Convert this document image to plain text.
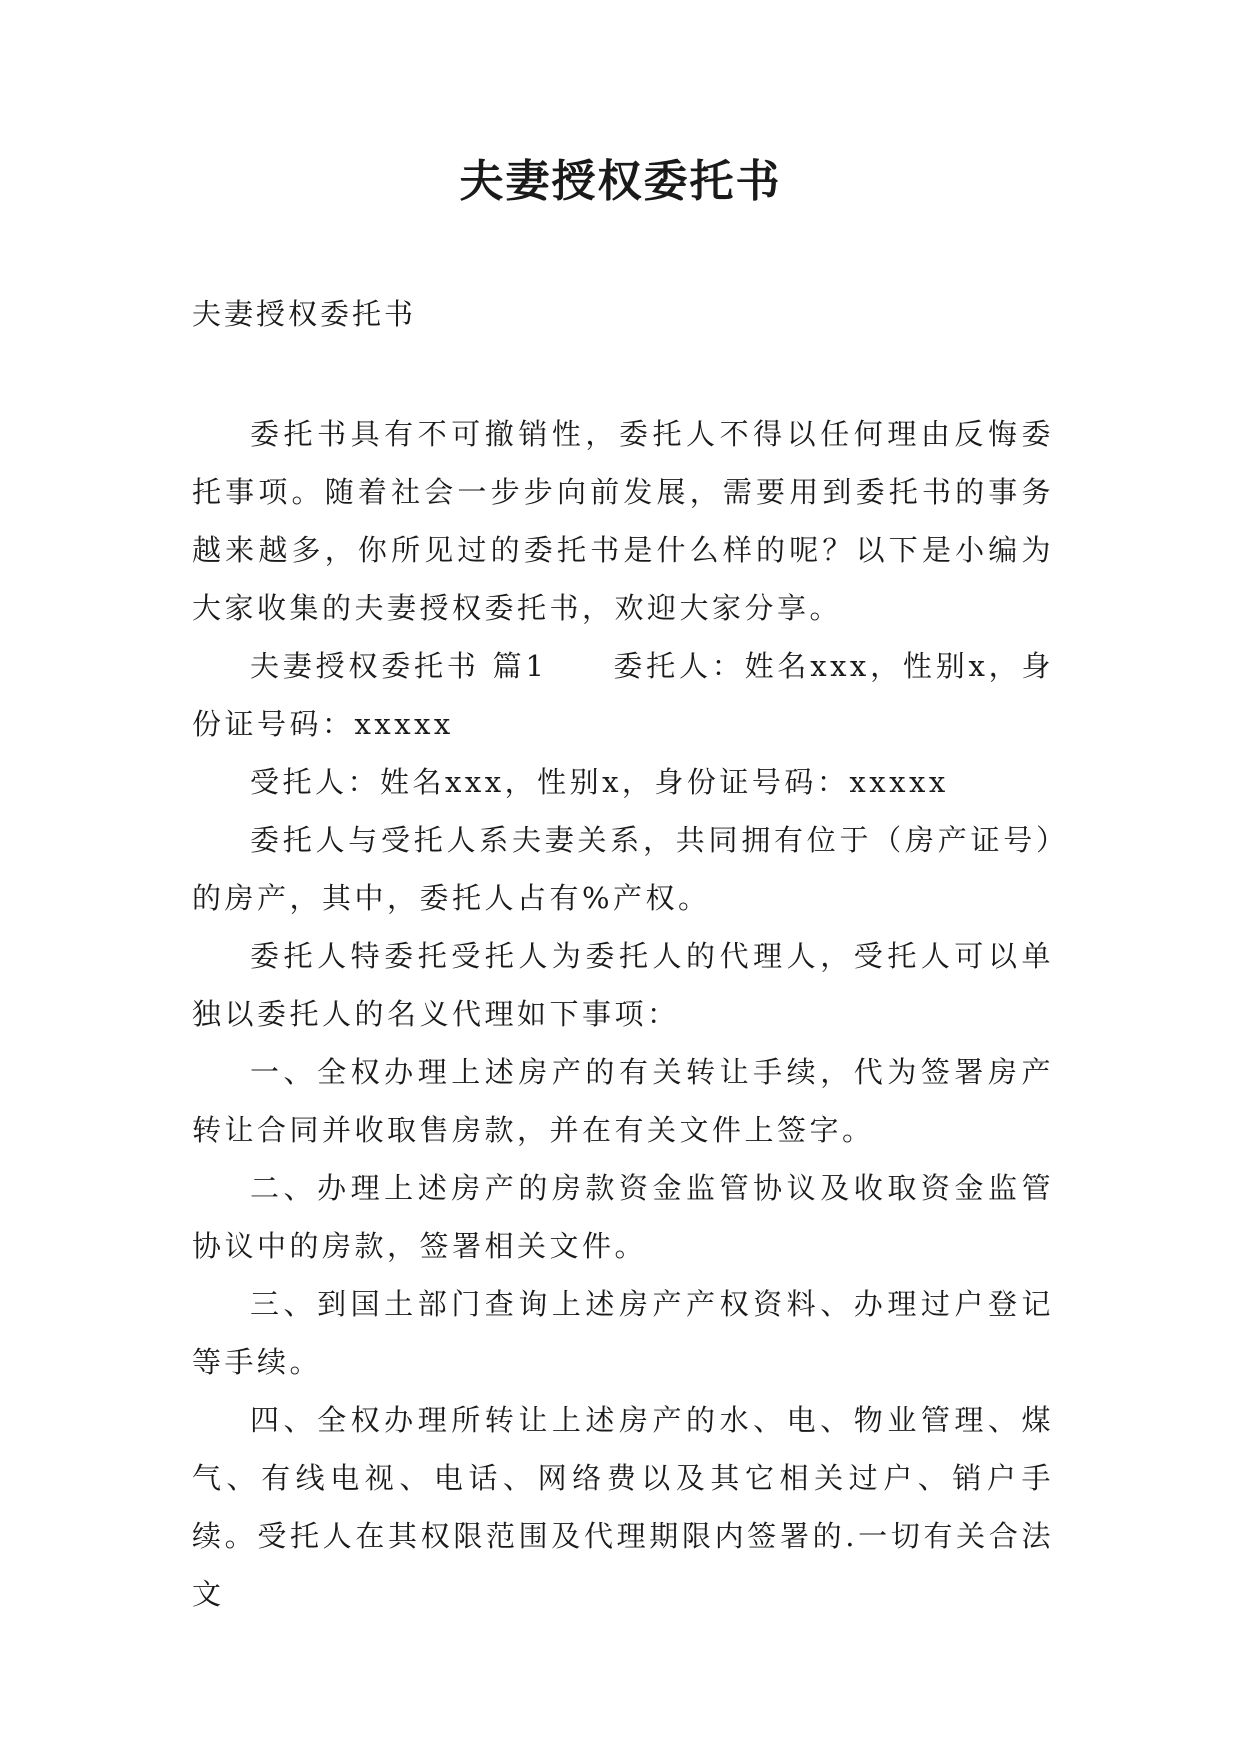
夫妻授权委托书
夫妻授权委托书

委托书具有不可撤销性，委托人不得以任何理由反悔委托事项。随着社会一步步向前发展，需要用到委托书的事务越来越多，你所见过的委托书是什么样的呢？以下是小编为大家收集的夫妻授权委托书，欢迎大家分享。

夫妻授权委托书 篇1　　委托人：姓名xxx，性别x，身份证号码：xxxxx

受托人：姓名xxx，性别x，身份证号码：xxxxx

委托人与受托人系夫妻关系，共同拥有位于（房产证号）的房产，其中，委托人占有%产权。

委托人特委托受托人为委托人的代理人，受托人可以单独以委托人的名义代理如下事项：

一、全权办理上述房产的有关转让手续，代为签署房产转让合同并收取售房款，并在有关文件上签字。

二、办理上述房产的房款资金监管协议及收取资金监管协议中的房款，签署相关文件。

三、到国土部门查询上述房产产权资料、办理过户登记等手续。

四、全权办理所转让上述房产的水、电、物业管理、煤气、有线电视、电话、网络费以及其它相关过户、销户手续。受托人在其权限范围及代理期限内签署的.一切有关合法文
